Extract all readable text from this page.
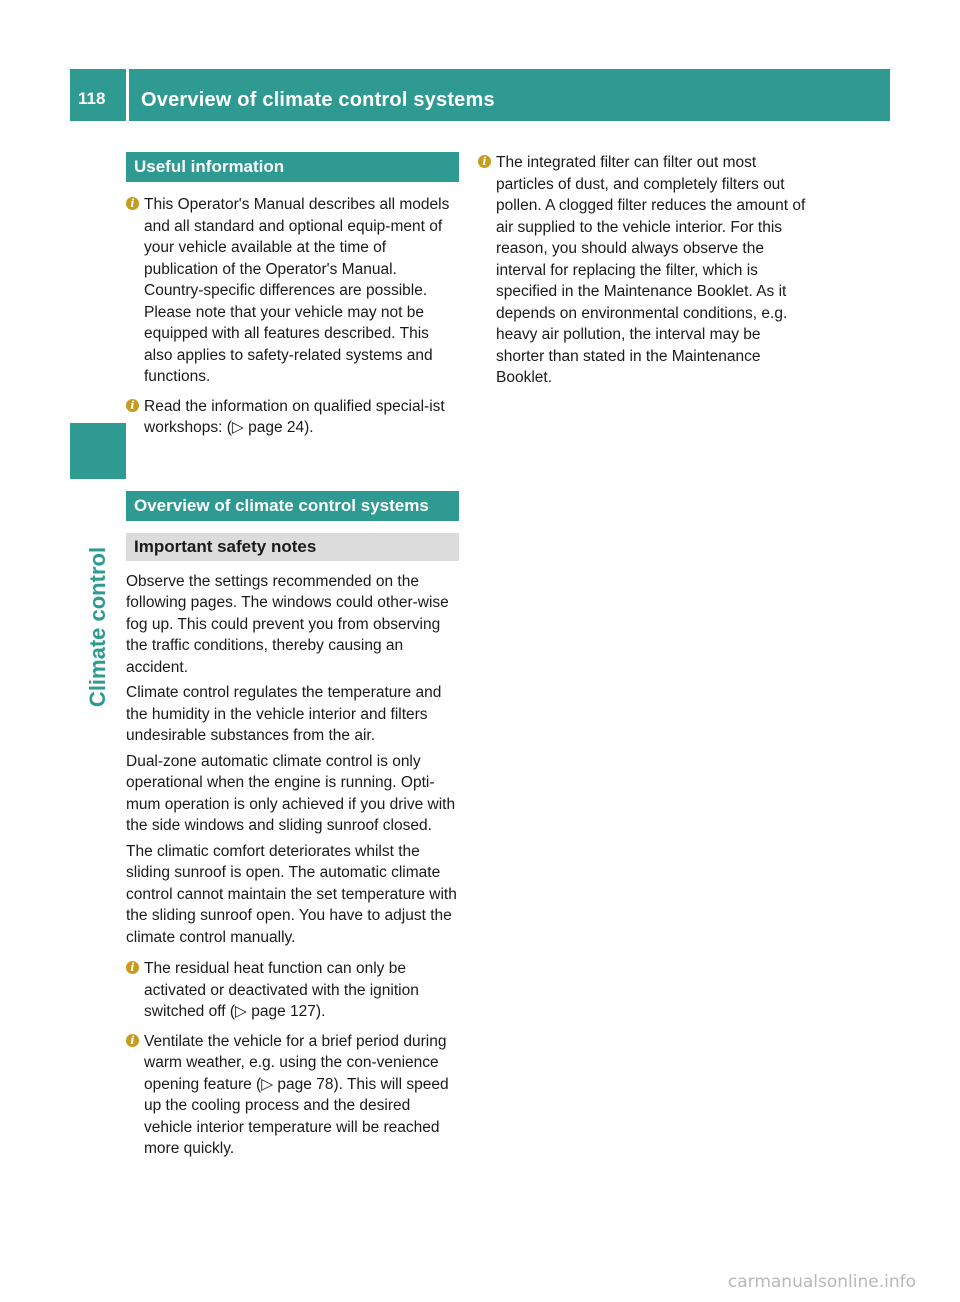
118	Overview of climate control systems
Climate control
Useful information
i This Operator's Manual describes all models and all standard and optional equip-ment of your vehicle available at the time of publication of the Operator's Manual. Country-specific differences are possible. Please note that your vehicle may not be equipped with all features described. This also applies to safety-related systems and functions.
i Read the information on qualified special-ist workshops: (▷ page 24).
Overview of climate control systems
Important safety notes

Observe the settings recommended on the following pages. The windows could other-wise fog up. This could prevent you from observing the traffic conditions, thereby causing an accident.

Climate control regulates the temperature and the humidity in the vehicle interior and filters undesirable substances from the air.

Dual-zone automatic climate control is only operational when the engine is running. Opti-mum operation is only achieved if you drive with the side windows and sliding sunroof closed.

The climatic comfort deteriorates whilst the sliding sunroof is open. The automatic climate control cannot maintain the set temperature with the sliding sunroof open. You have to adjust the climate control manually.

i The residual heat function can only be activated or deactivated with the ignition switched off (▷ page 127).
i Ventilate the vehicle for a brief period during warm weather, e.g. using the con-venience opening feature (▷ page 78). This will speed up the cooling process and the desired vehicle interior temperature will be reached more quickly.
i The integrated filter can filter out most particles of dust, and completely filters out pollen. A clogged filter reduces the amount of air supplied to the vehicle interior. For this reason, you should always observe the interval for replacing the filter, which is specified in the Maintenance Booklet. As it depends on environmental conditions, e.g. heavy air pollution, the interval may be shorter than stated in the Maintenance Booklet.
carmanualsonline.info
